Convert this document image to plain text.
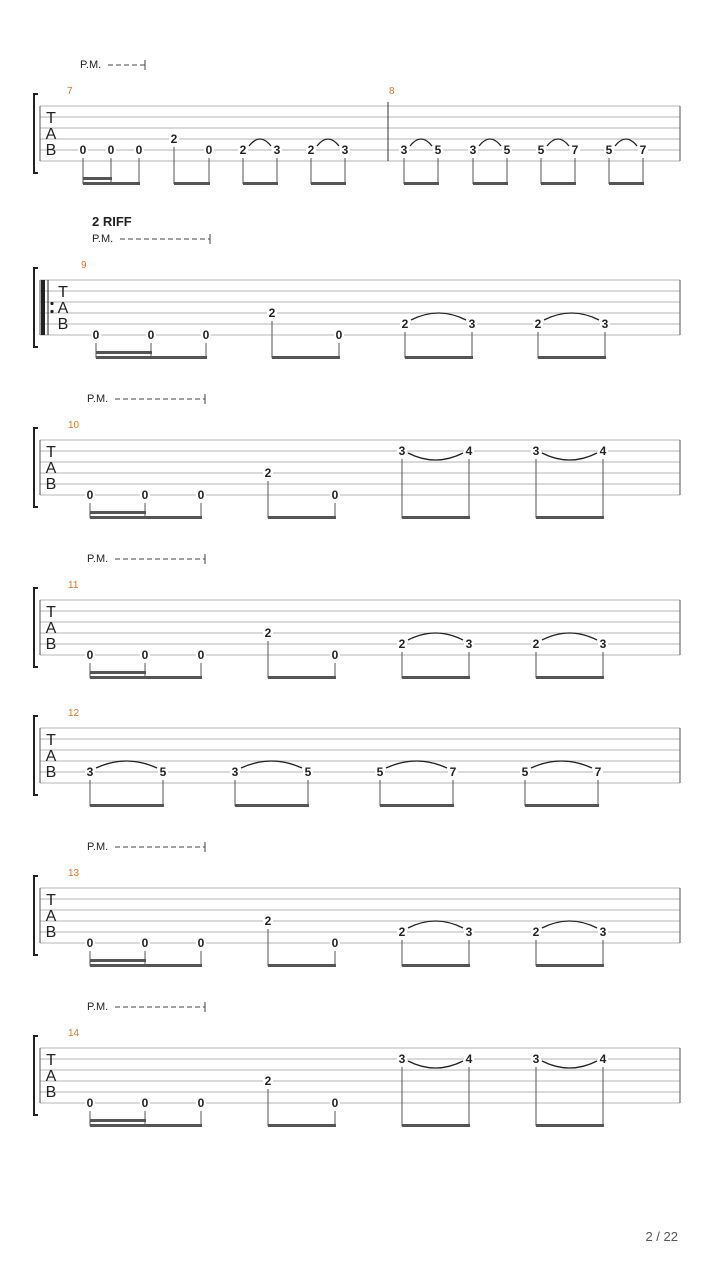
T
A
B
P.M.
7
0 0 0
2
0 2 3 2 3
8
3 5 3 5 5 7 5 7
T
A
B
2 RIFF
P.M.
9
0	0	0
2
0
2	3	2	3
T
A
B
P.M.
10
0	0	0
2
0
3	4	3	4
T
A
B
P.M.
11
0	0	0
2
0
2	3	2	3
T
A
B
12
3	5	3	5	5	7	5	7
T
A
B
P.M.
13
0	0	0
2
0
2	3	2	3
T
A
B
P.M.
14
0	0	0
2
0
3	4	3	4
2 / 22
